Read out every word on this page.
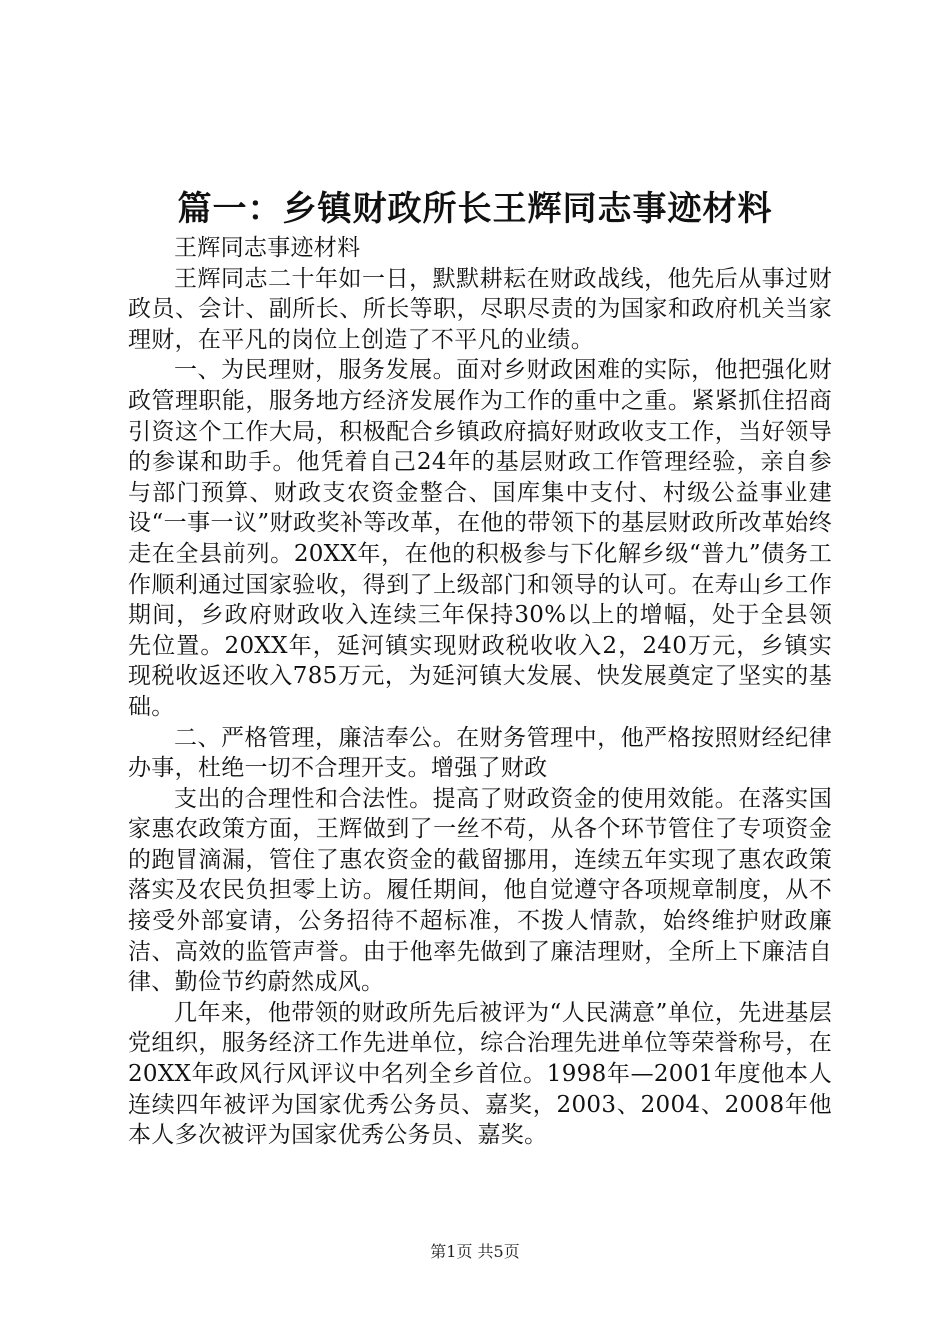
篇一：乡镇财政所长王辉同志事迹材料

王辉同志事迹材料

王辉同志二十年如一日，默默耕耘在财政战线，他先后从事过财政员、会计、副所长、所长等职，尽职尽责的为国家和政府机关当家理财，在平凡的岗位上创造了不平凡的业绩。

一、为民理财，服务发展。面对乡财政困难的实际，他把强化财政管理职能，服务地方经济发展作为工作的重中之重。紧紧抓住招商引资这个工作大局，积极配合乡镇政府搞好财政收支工作，当好领导的参谋和助手。他凭着自己24年的基层财政工作管理经验，亲自参与部门预算、财政支农资金整合、国库集中支付、村级公益事业建设“一事一议”财政奖补等改革，在他的带领下的基层财政所改革始终走在全县前列。20XX年，在他的积极参与下化解乡级“普九”债务工作顺利通过国家验收，得到了上级部门和领导的认可。在寿山乡工作期间，乡政府财政收入连续三年保持30%以上的增幅，处于全县领先位置。20XX年，延河镇实现财政税收收入2，240万元，乡镇实现税收返还收入785万元，为延河镇大发展、快发展奠定了坚实的基础。

二、严格管理，廉洁奉公。在财务管理中，他严格按照财经纪律办事，杜绝一切不合理开支。增强了财政

支出的合理性和合法性。提高了财政资金的使用效能。在落实国家惠农政策方面，王辉做到了一丝不苟，从各个环节管住了专项资金的跑冒滴漏，管住了惠农资金的截留挪用，连续五年实现了惠农政策落实及农民负担零上访。履任期间，他自觉遵守各项规章制度，从不接受外部宴请，公务招待不超标准，不拨人情款，始终维护财政廉洁、高效的监管声誉。由于他率先做到了廉洁理财，全所上下廉洁自律、勤俭节约蔚然成风。

几年来，他带领的财政所先后被评为“人民满意”单位，先进基层党组织，服务经济工作先进单位，综合治理先进单位等荣誉称号，在20XX年政风行风评议中名列全乡首位。1998年—2001年度他本人连续四年被评为国家优秀公务员、嘉奖，2003、2004、2008年他本人多次被评为国家优秀公务员、嘉奖。

第1页 共5页
